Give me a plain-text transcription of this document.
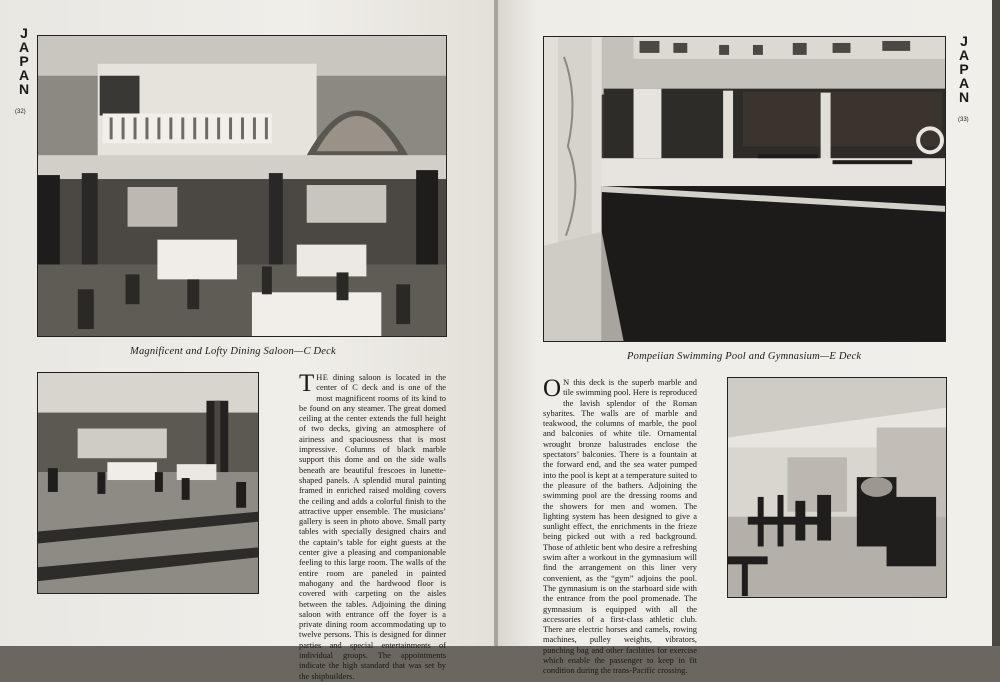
JAPAN
(32)
Magnificent and Lofty Dining Saloon—C Deck
THE dining saloon is located in the center of C deck and is one of the most magnificent rooms of its kind to be found on any steamer. The great domed ceiling at the center extends the full height of two decks, giving an atmosphere of airiness and spaciousness that is most impressive. Columns of black marble support this dome and on the side walls beneath are beautiful frescoes in lunette-shaped panels. A splendid mural painting framed in enriched raised molding covers the ceiling and adds a colorful finish to the attractive upper ensemble. The musicians’ gallery is seen in photo above. Small party tables with specially designed chairs and the captain’s table for eight guests at the center give a pleasing and companionable feeling to this large room. The walls of the entire room are paneled in painted mahogany and the hardwood floor is covered with carpeting on the aisles between the tables. Adjoining the dining saloon with entrance off the foyer is a private dining room accommodating up to twelve persons. This is designed for dinner parties and special entertainments of individual groups. The appointments indicate the high standard that was set by the shipbuilders.
JAPAN
(33)
Pompeiian Swimming Pool and Gymnasium—E Deck
ON this deck is the superb marble and tile swimming pool. Here is reproduced the lavish splendor of the Roman sybarites. The walls are of marble and teakwood, the columns of marble, the pool and balconies of white tile. Ornamental wrought bronze balustrades enclose the spectators’ balconies. There is a fountain at the forward end, and the sea water pumped into the pool is kept at a temperature suited to the pleasure of the bathers. Adjoining the swimming pool are the dressing rooms and the showers for men and women. The lighting system has been designed to give a sunlight effect, the enrichments in the frieze being picked out with a red background. Those of athletic bent who desire a refreshing swim after a workout in the gymnasium will find the arrangement on this liner very convenient, as the “gym” adjoins the pool. The gymnasium is on the starboard side with the entrance from the pool promenade. The gymnasium is equipped with all the accessories of a first-class athletic club. There are electric horses and camels, rowing machines, pulley weights, vibrators, punching bag and other facilities for exercise which enable the passenger to keep in fit condition during the trans-Pacific crossing.
